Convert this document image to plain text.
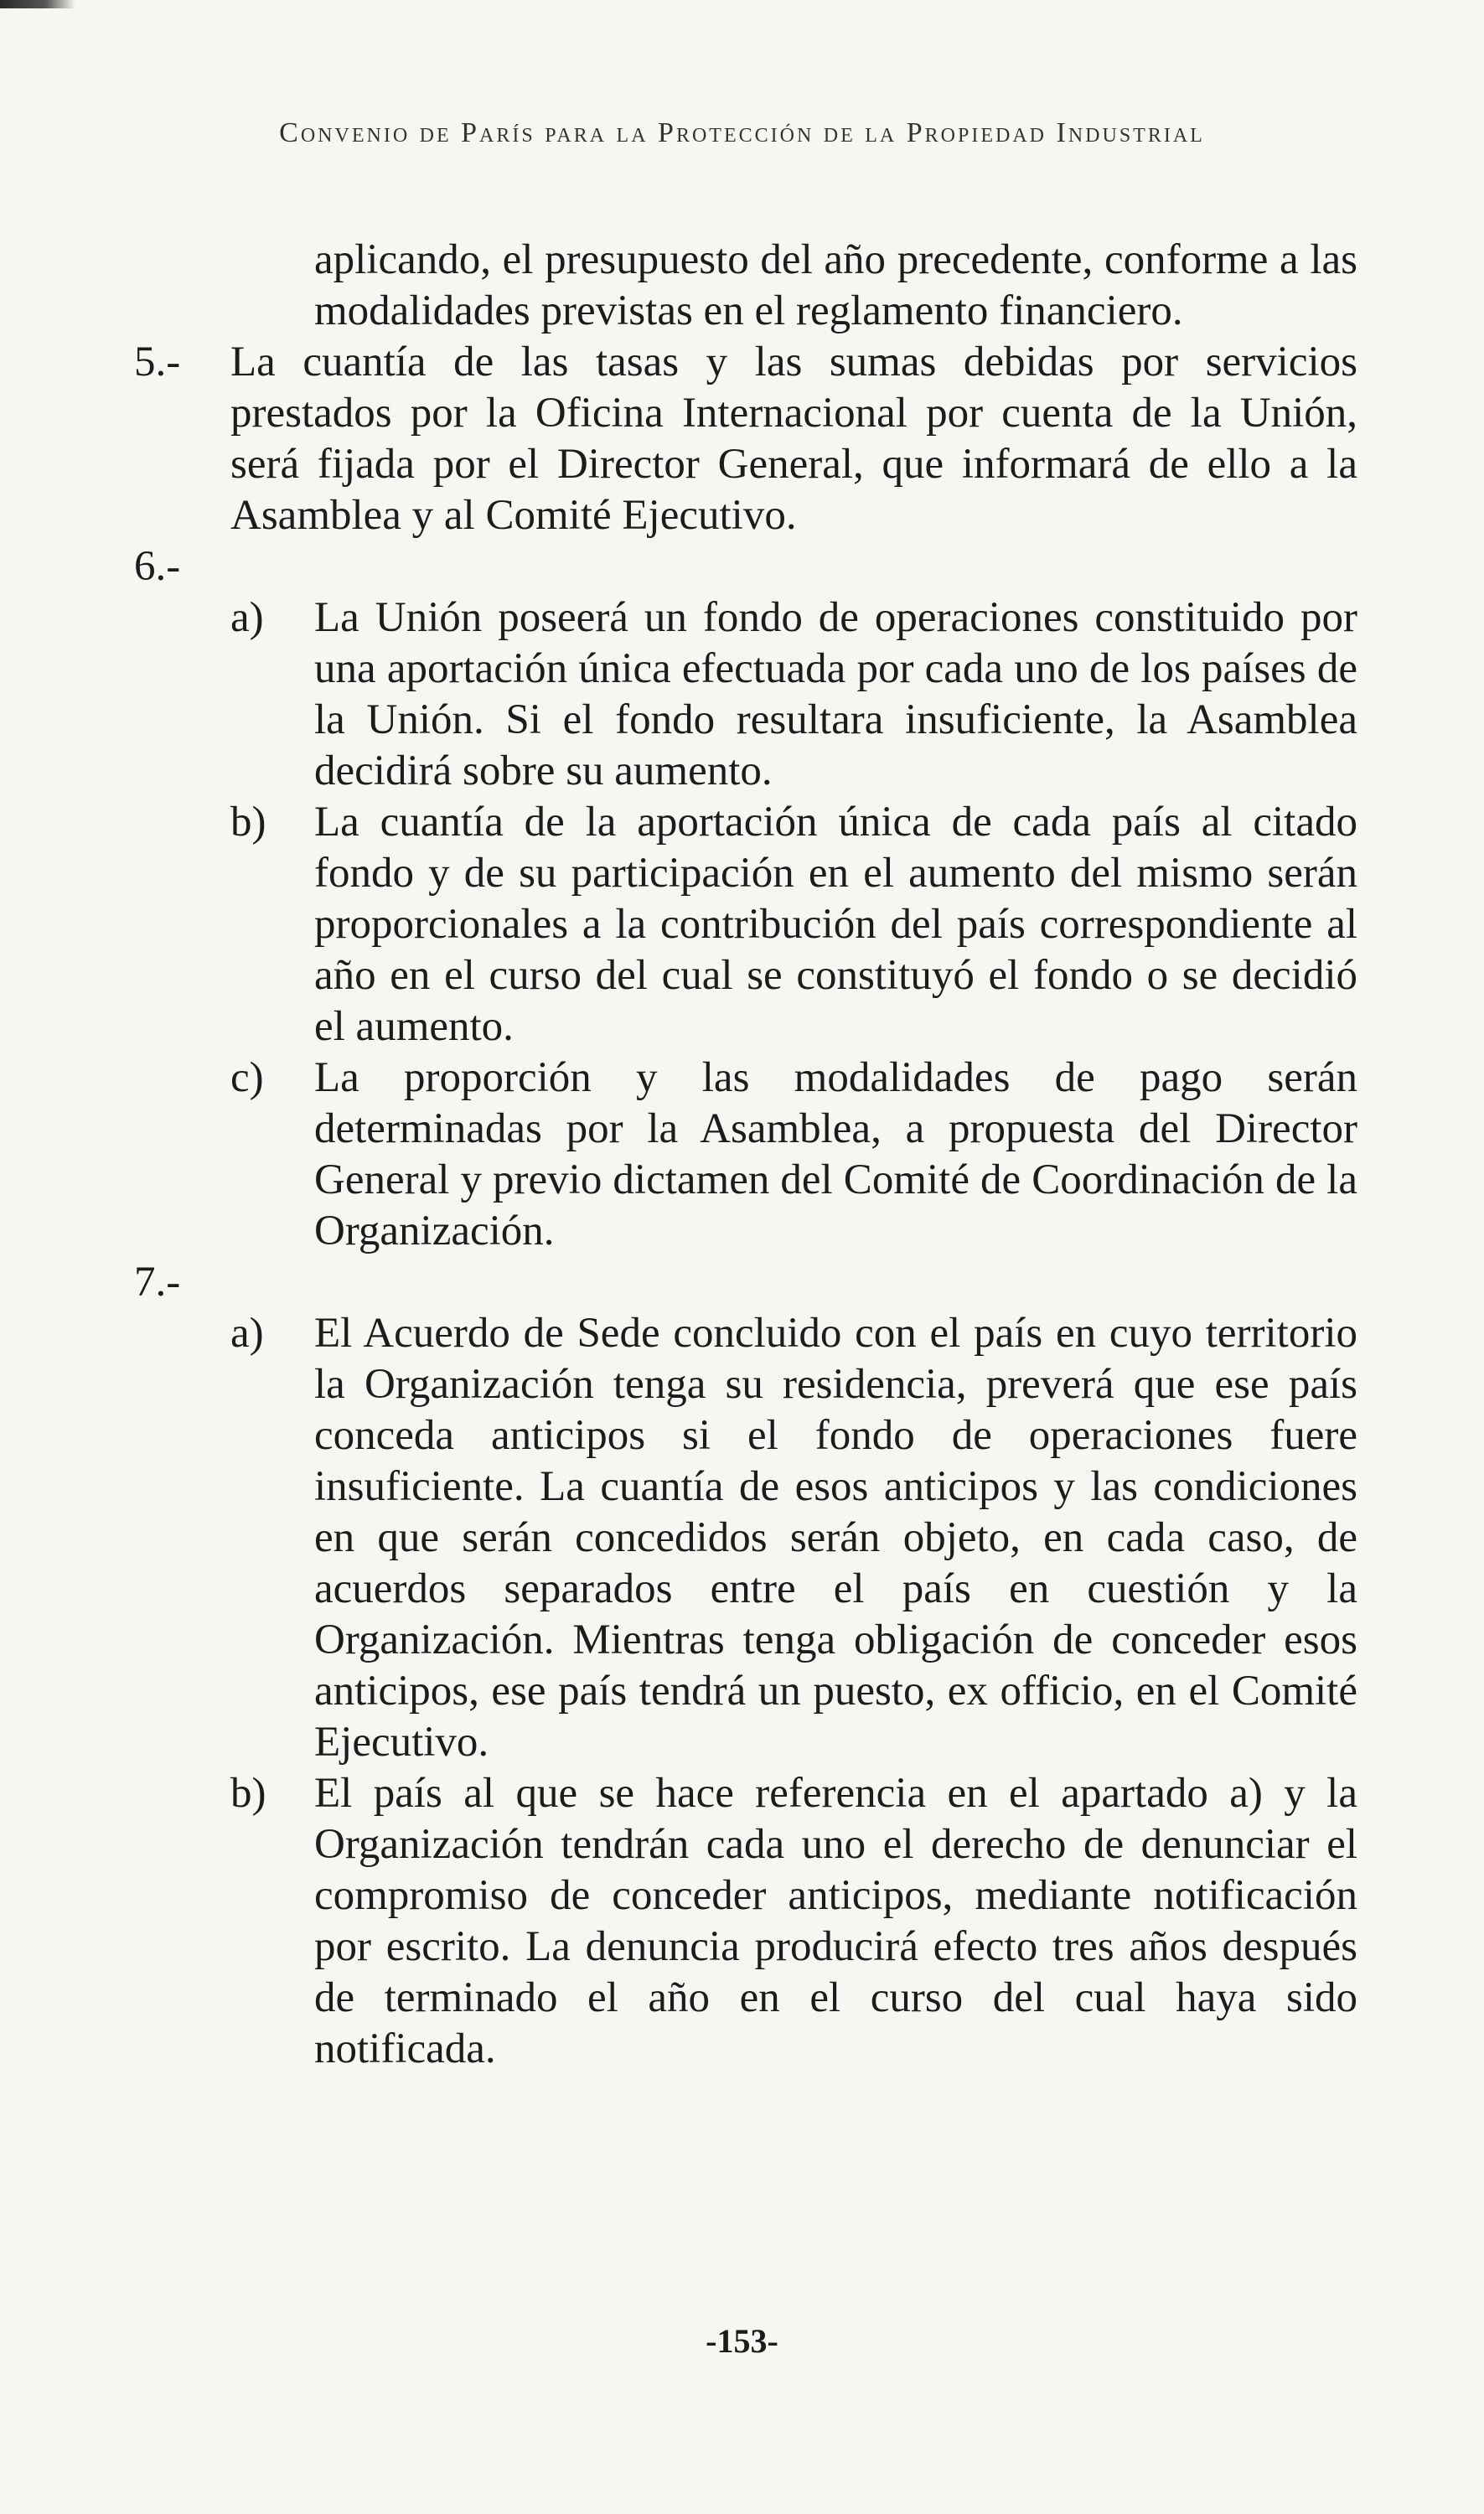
Convenio de París para la Protección de la Propiedad Industrial
aplicando, el presupuesto del año precedente, conforme a las modalidades previstas en el reglamento financiero.
5.- La cuantía de las tasas y las sumas debidas por servicios prestados por la Oficina Internacional por cuenta de la Unión, será fijada por el Director General, que informará de ello a la Asamblea y al Comité Ejecutivo.
6.-
a) La Unión poseerá un fondo de operaciones constituido por una aportación única efectuada por cada uno de los países de la Unión. Si el fondo resultara insuficiente, la Asamblea decidirá sobre su aumento.
b) La cuantía de la aportación única de cada país al citado fondo y de su participación en el aumento del mismo serán proporcionales a la contribución del país correspondiente al año en el curso del cual se constituyó el fondo o se decidió el aumento.
c) La proporción y las modalidades de pago serán determinadas por la Asamblea, a propuesta del Director General y previo dictamen del Comité de Coordinación de la Organización.
7.-
a) El Acuerdo de Sede concluido con el país en cuyo territorio la Organización tenga su residencia, preverá que ese país conceda anticipos si el fondo de operaciones fuere insuficiente. La cuantía de esos anticipos y las condiciones en que serán concedidos serán objeto, en cada caso, de acuerdos separados entre el país en cuestión y la Organización. Mientras tenga obligación de conceder esos anticipos, ese país tendrá un puesto, ex officio, en el Comité Ejecutivo.
b) El país al que se hace referencia en el apartado a) y la Organización tendrán cada uno el derecho de denunciar el compromiso de conceder anticipos, mediante notificación por escrito. La denuncia producirá efecto tres años después de terminado el año en el curso del cual haya sido notificada.
-153-
